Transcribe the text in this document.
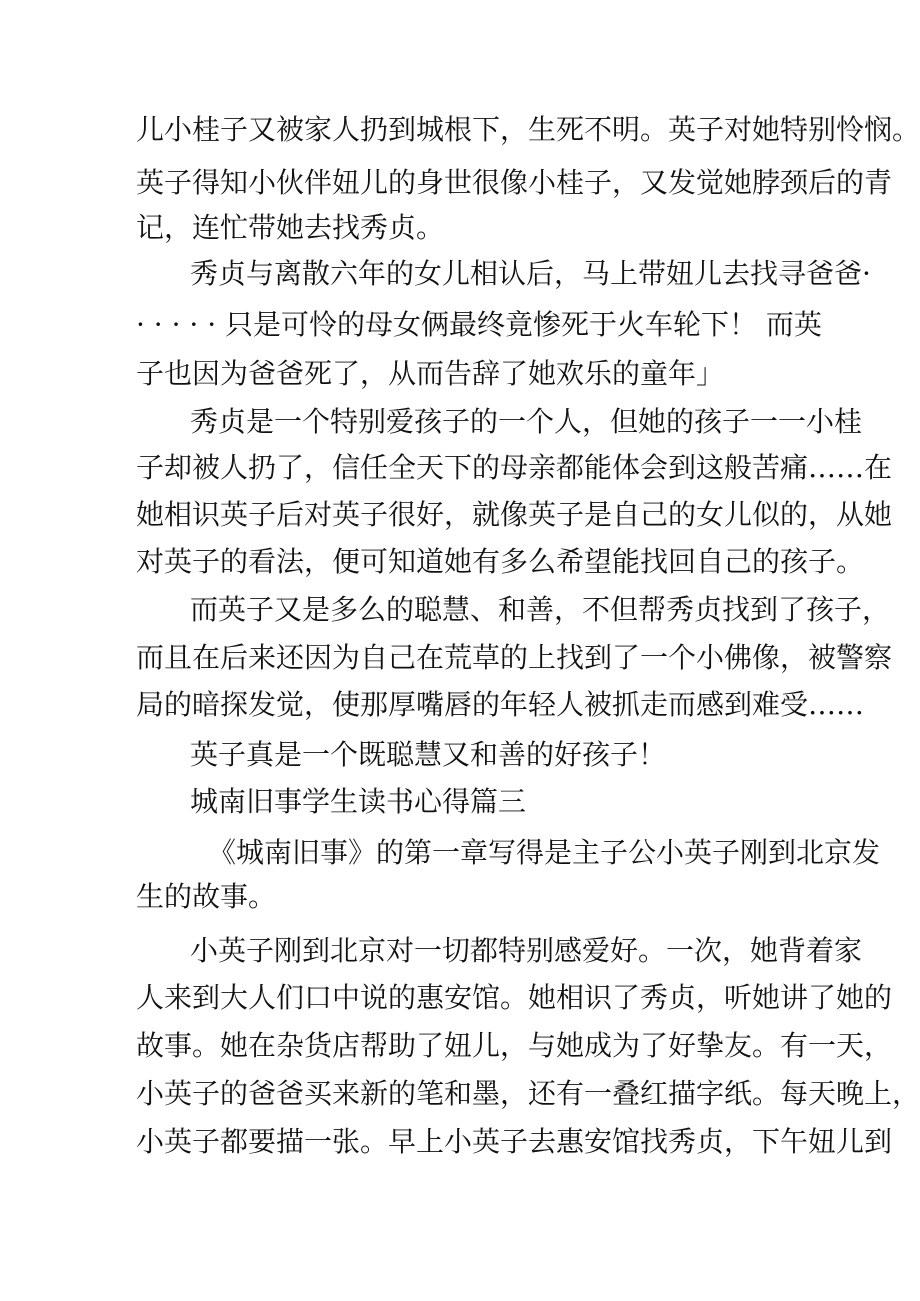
儿小桂子又被家人扔到城根下，生死不明。英子对她特别怜悯。
英子得知小伙伴妞儿的身世很像小桂子，又发觉她脖颈后的青
记，连忙带她去找秀贞。
秀贞与离散六年的女儿相认后，马上带妞儿去找寻爸爸·
· · · · · 只是可怜的母女俩最终竟惨死于火车轮下！ 而英
子也因为爸爸死了，从而告辞了她欢乐的童年」
秀贞是一个特别爱孩子的一个人，但她的孩子一一小桂
子却被人扔了，信任全天下的母亲都能体会到这般苦痛……在
她相识英子后对英子很好，就像英子是自己的女儿似的，从她
对英子的看法，便可知道她有多么希望能找回自己的孩子。
而英子又是多么的聪慧、和善，不但帮秀贞找到了孩子，
而且在后来还因为自己在荒草的上找到了一个小佛像，被警察
局的暗探发觉，使那厚嘴唇的年轻人被抓走而感到难受……
英子真是一个既聪慧又和善的好孩子！
城南旧事学生读书心得篇三
《城南旧事》的第一章写得是主子公小英子刚到北京发
生的故事。
小英子刚到北京对一切都特别感爱好。一次，她背着家
人来到大人们口中说的惠安馆。她相识了秀贞，听她讲了她的
故事。她在杂货店帮助了妞儿，与她成为了好挚友。有一天，
小英子的爸爸买来新的笔和墨，还有一叠红描字纸。每天晚上，
小英子都要描一张。早上小英子去惠安馆找秀贞，下午妞儿到
